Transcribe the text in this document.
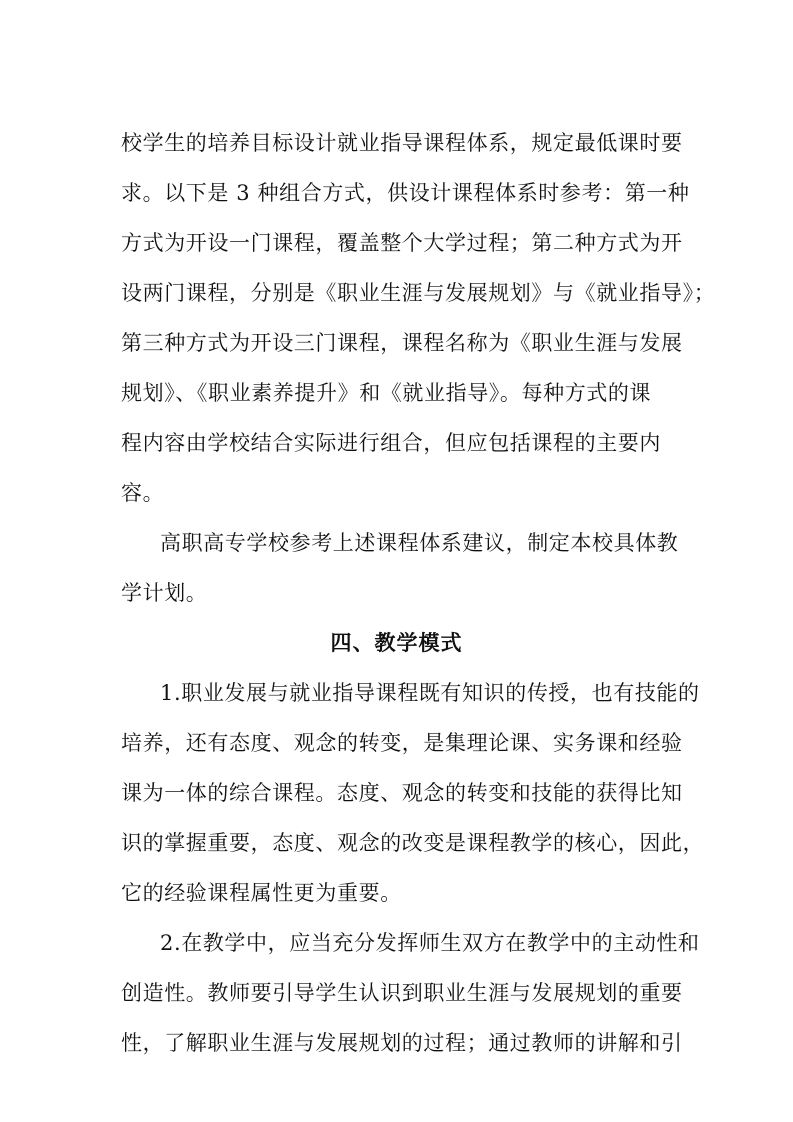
校学生的培养目标设计就业指导课程体系，规定最低课时要
求。以下是 3 种组合方式，供设计课程体系时参考：第一种
方式为开设一门课程，覆盖整个大学过程；第二种方式为开
设两门课程，分别是《职业生涯与发展规划》与《就业指导》；
第三种方式为开设三门课程，课程名称为《职业生涯与发展
规划》、《职业素养提升》和《就业指导》。每种方式的课
程内容由学校结合实际进行组合，但应包括课程的主要内
容。
高职高专学校参考上述课程体系建议，制定本校具体教
学计划。
四、教学模式
1.职业发展与就业指导课程既有知识的传授，也有技能的
培养，还有态度、观念的转变，是集理论课、实务课和经验
课为一体的综合课程。态度、观念的转变和技能的获得比知
识的掌握重要，态度、观念的改变是课程教学的核心，因此，
它的经验课程属性更为重要。
2.在教学中，应当充分发挥师生双方在教学中的主动性和
创造性。教师要引导学生认识到职业生涯与发展规划的重要
性，了解职业生涯与发展规划的过程；通过教师的讲解和引
